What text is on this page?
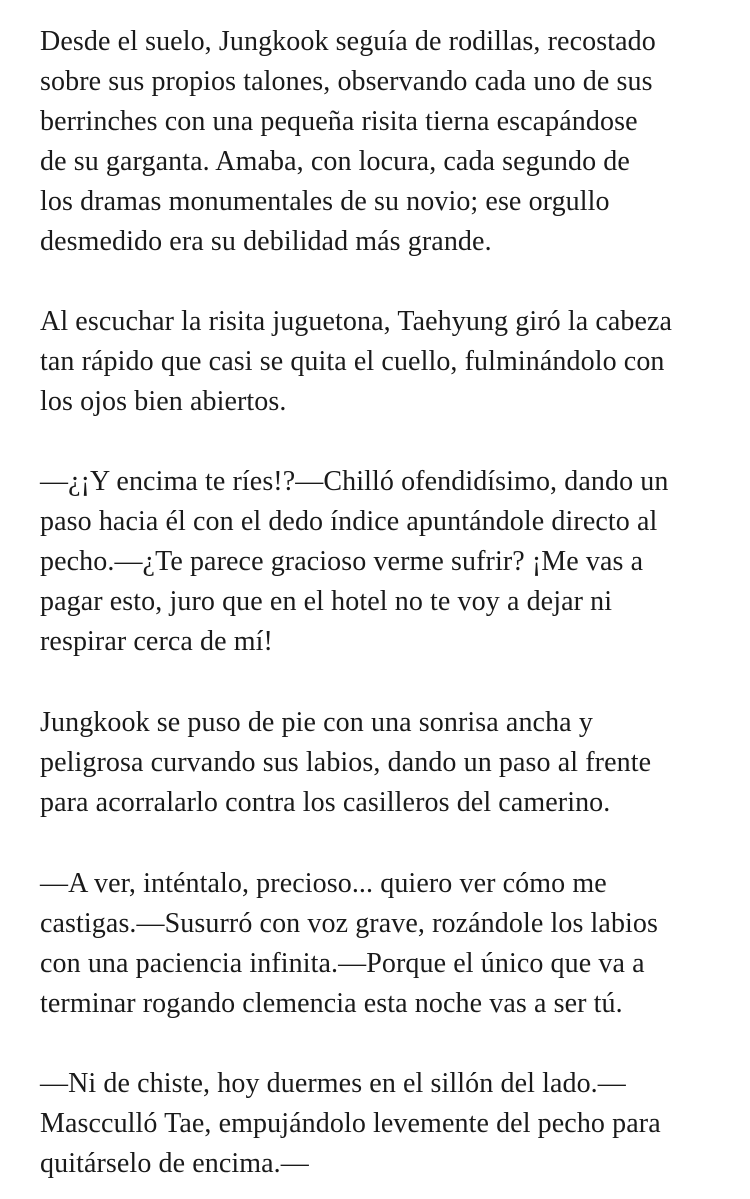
Desde el suelo, Jungkook seguía de rodillas, recostado
sobre sus propios talones, observando cada uno de sus
berrinches con una pequeña risita tierna escapándose
de su garganta. Amaba, con locura, cada segundo de
los dramas monumentales de su novio; ese orgullo
desmedido era su debilidad más grande.
Al escuchar la risita juguetona, Taehyung giró la cabeza
tan rápido que casi se quita el cuello, fulminándolo con
los ojos bien abiertos.
—¿¡Y encima te ríes!?—Chilló ofendidísimo, dando un
paso hacia él con el dedo índice apuntándole directo al
pecho.—¿Te parece gracioso verme sufrir? ¡Me vas a
pagar esto, juro que en el hotel no te voy a dejar ni
respirar cerca de mí!
Jungkook se puso de pie con una sonrisa ancha y
peligrosa curvando sus labios, dando un paso al frente
para acorralarlo contra los casilleros del camerino.
—A ver, inténtalo, precioso... quiero ver cómo me
castigas.—Susurró con voz grave, rozándole los labios
con una paciencia infinita.—Porque el único que va a
terminar rogando clemencia esta noche vas a ser tú.
—Ni de chiste, hoy duermes en el sillón del lado.—
Mascculló Tae, empujándolo levemente del pecho para
quitárselo de encima.—
